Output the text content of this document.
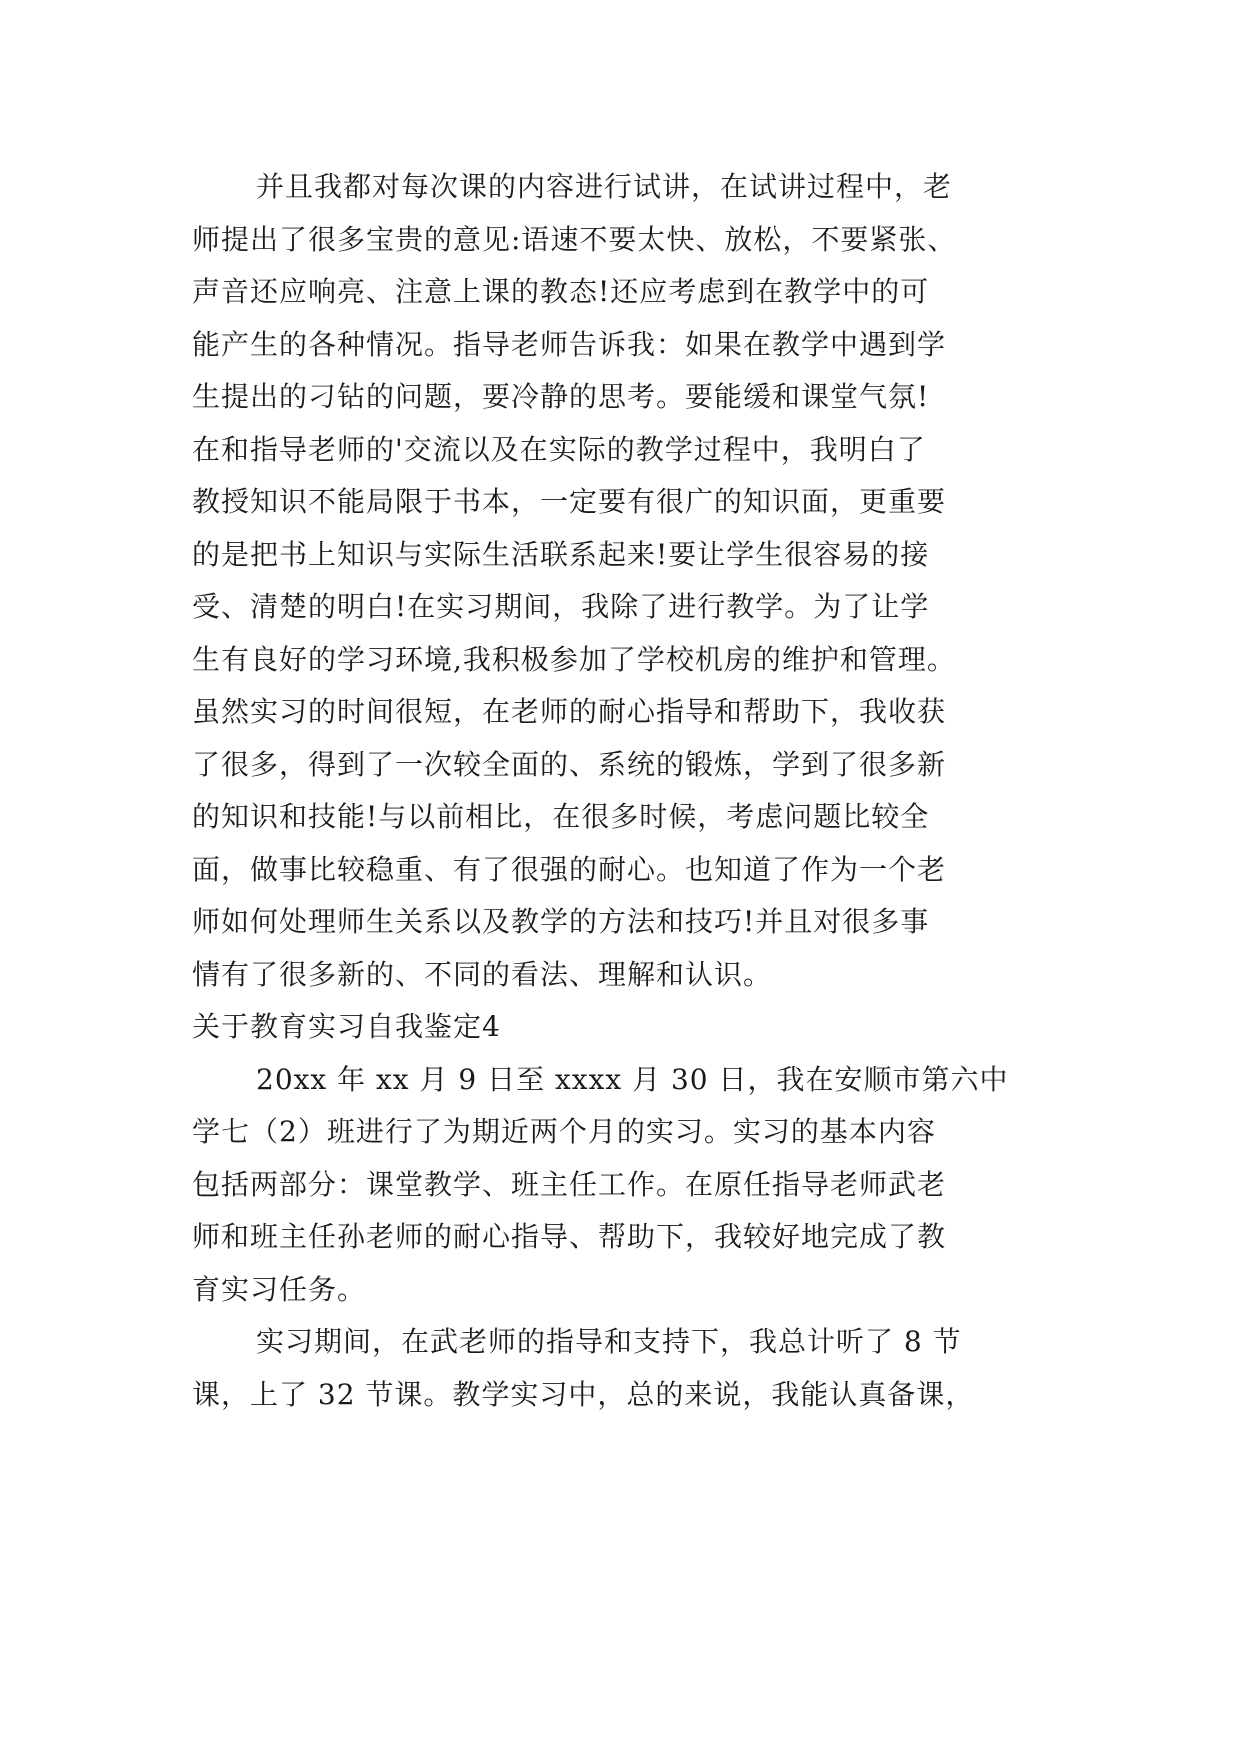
并且我都对每次课的内容进行试讲，在试讲过程中，老
师提出了很多宝贵的意见:语速不要太快、放松，不要紧张、
声音还应响亮、注意上课的教态!还应考虑到在教学中的可
能产生的各种情况。指导老师告诉我：如果在教学中遇到学
生提出的刁钻的问题，要冷静的思考。要能缓和课堂气氛!
在和指导老师的'交流以及在实际的教学过程中，我明白了
教授知识不能局限于书本，一定要有很广的知识面，更重要
的是把书上知识与实际生活联系起来!要让学生很容易的接
受、清楚的明白!在实习期间，我除了进行教学。为了让学
生有良好的学习环境,我积极参加了学校机房的维护和管理。
虽然实习的时间很短，在老师的耐心指导和帮助下，我收获
了很多，得到了一次较全面的、系统的锻炼，学到了很多新
的知识和技能!与以前相比，在很多时候，考虑问题比较全
面，做事比较稳重、有了很强的耐心。也知道了作为一个老
师如何处理师生关系以及教学的方法和技巧!并且对很多事
情有了很多新的、不同的看法、理解和认识。
关于教育实习自我鉴定4
20xx 年 xx 月 9 日至 xxxx 月 30 日，我在安顺市第六中
学七（2）班进行了为期近两个月的实习。实习的基本内容
包括两部分：课堂教学、班主任工作。在原任指导老师武老
师和班主任孙老师的耐心指导、帮助下，我较好地完成了教
育实习任务。
实习期间，在武老师的指导和支持下，我总计听了 8 节
课，上了 32 节课。教学实习中，总的来说，我能认真备课，
